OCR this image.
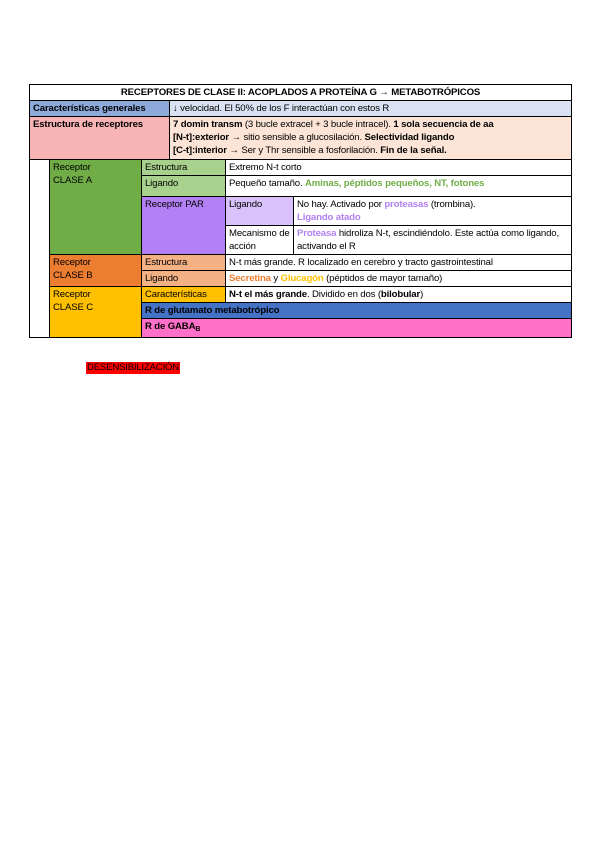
RECEPTORES DE CLASE II: ACOPLADOS A PROTEÍNA G → METABOTRÓPICOS					
Características generales			↓ velocidad. El 50% de los F interactúan con estos R		
Estructura de receptores			7 domin transm (3 bucle extracel + 3 bucle intracel). 1 sola secuencia de aa
[N-t]:exterior → sitio sensible a glucosilación. Selectividad ligando
[C-t]:interior → Ser y Thr sensible a fosforilación. Fin de la señal.		

	Receptor
CLASE A	Estructura		Extremo N-t corto	
		Ligando		Pequeño tamaño. Aminas, péptidos pequeños, NT, fotones	
		Receptor PAR		Ligando	No hay. Activado por proteasas (trombina).
Ligando atado
				Mecanismo de acción	Proteasa hidroliza N-t, escindiéndolo. Este actúa como ligando, activando el R
	Receptor
CLASE B	Estructura		N-t más grande. R localizado en cerebro y tracto gastrointestinal	
		Ligando		Secretina y Glucagón (péptidos de mayor tamaño)	
	Receptor
CLASE C	Características		N-t el más grande. Dividido en dos (bilobular)	
		R de glutamato metabotrópico			
		R de $GABA_B$
DESENSIBILIZACIÓN
